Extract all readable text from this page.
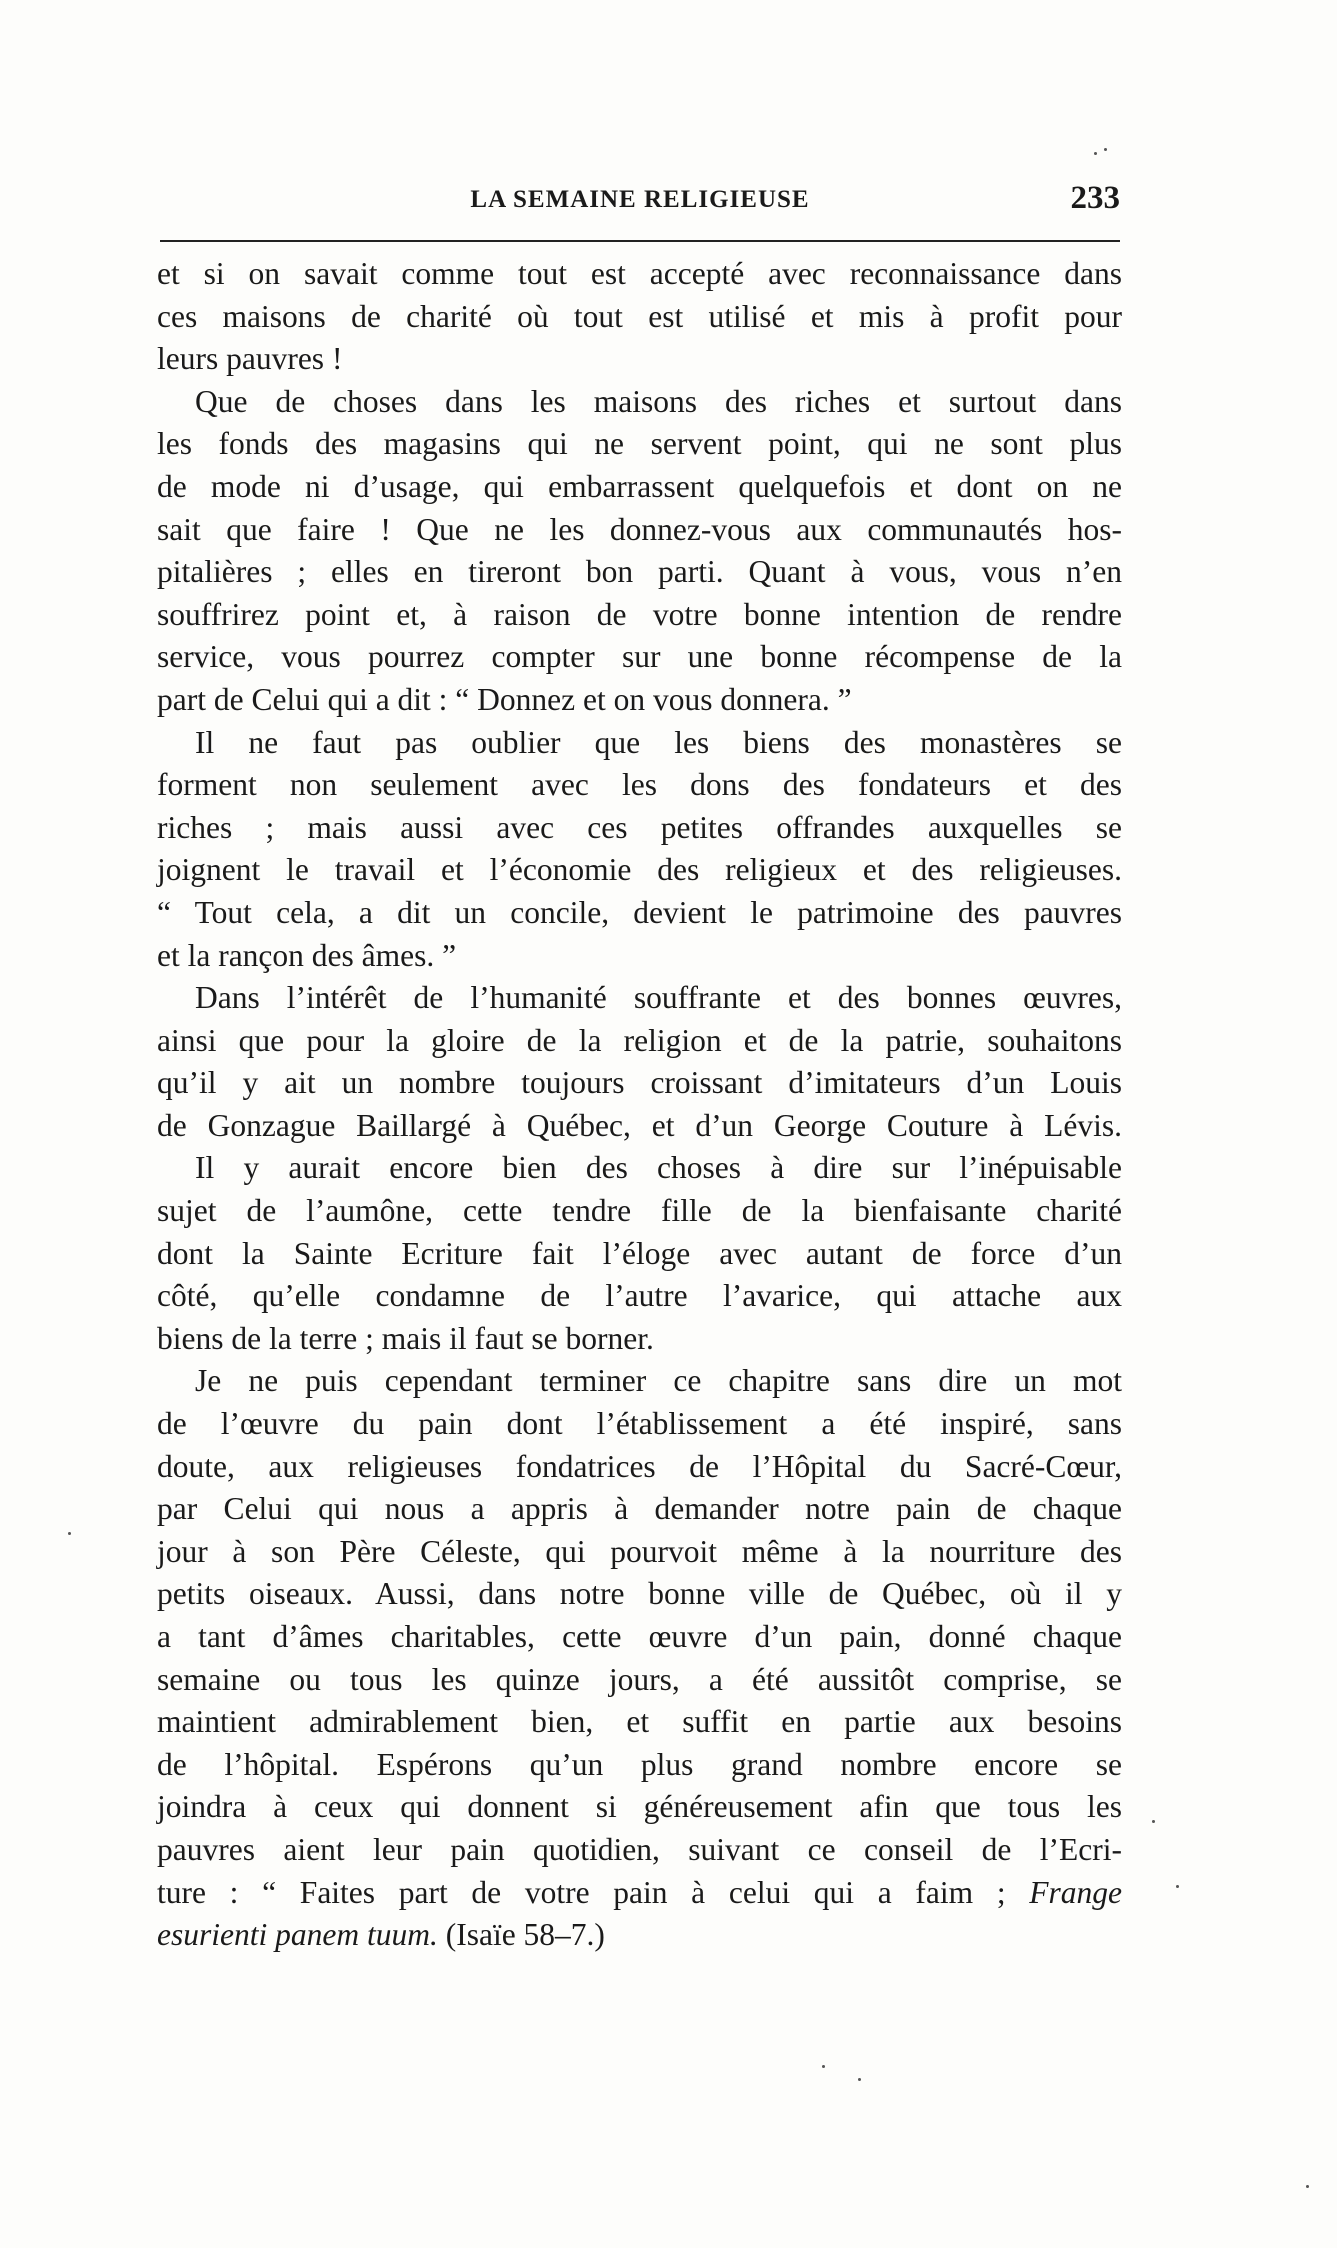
LA SEMAINE RELIGIEUSE	233
et si on savait comme tout est accepté avec reconnaissance dans
ces maisons de charité où tout est utilisé et mis à profit pour
leurs pauvres !
Que de choses dans les maisons des riches et surtout dans
les fonds des magasins qui ne servent point, qui ne sont plus
de mode ni d’usage, qui embarrassent quelquefois et dont on ne
sait que faire ! Que ne les donnez-vous aux communautés hos-
pitalières ; elles en tireront bon parti. Quant à vous, vous n’en
souffrirez point et, à raison de votre bonne intention de rendre
service, vous pourrez compter sur une bonne récompense de la
part de Celui qui a dit : “ Donnez et on vous donnera. ”
Il ne faut pas oublier que les biens des monastères se
forment non seulement avec les dons des fondateurs et des
riches ; mais aussi avec ces petites offrandes auxquelles se
joignent le travail et l’économie des religieux et des religieuses.
“ Tout cela, a dit un concile, devient le patrimoine des pauvres
et la rançon des âmes. ”
Dans l’intérêt de l’humanité souffrante et des bonnes œuvres,
ainsi que pour la gloire de la religion et de la patrie, souhaitons
qu’il y ait un nombre toujours croissant d’imitateurs d’un Louis
de Gonzague Baillargé à Québec, et d’un George Couture à Lévis.
Il y aurait encore bien des choses à dire sur l’inépuisable
sujet de l’aumône, cette tendre fille de la bienfaisante charité
dont la Sainte Ecriture fait l’éloge avec autant de force d’un
côté, qu’elle condamne de l’autre l’avarice, qui attache aux
biens de la terre ; mais il faut se borner.
Je ne puis cependant terminer ce chapitre sans dire un mot
de l’œuvre du pain dont l’établissement a été inspiré, sans
doute, aux religieuses fondatrices de l’Hôpital du Sacré-Cœur,
par Celui qui nous a appris à demander notre pain de chaque
jour à son Père Céleste, qui pourvoit même à la nourriture des
petits oiseaux. Aussi, dans notre bonne ville de Québec, où il y
a tant d’âmes charitables, cette œuvre d’un pain, donné chaque
semaine ou tous les quinze jours, a été aussitôt comprise, se
maintient admirablement bien, et suffit en partie aux besoins
de l’hôpital. Espérons qu’un plus grand nombre encore se
joindra à ceux qui donnent si généreusement afin que tous les
pauvres aient leur pain quotidien, suivant ce conseil de l’Ecri-
ture : “ Faites part de votre pain à celui qui a faim ; Frange
esurienti panem tuum. (Isaïe 58–7.)
